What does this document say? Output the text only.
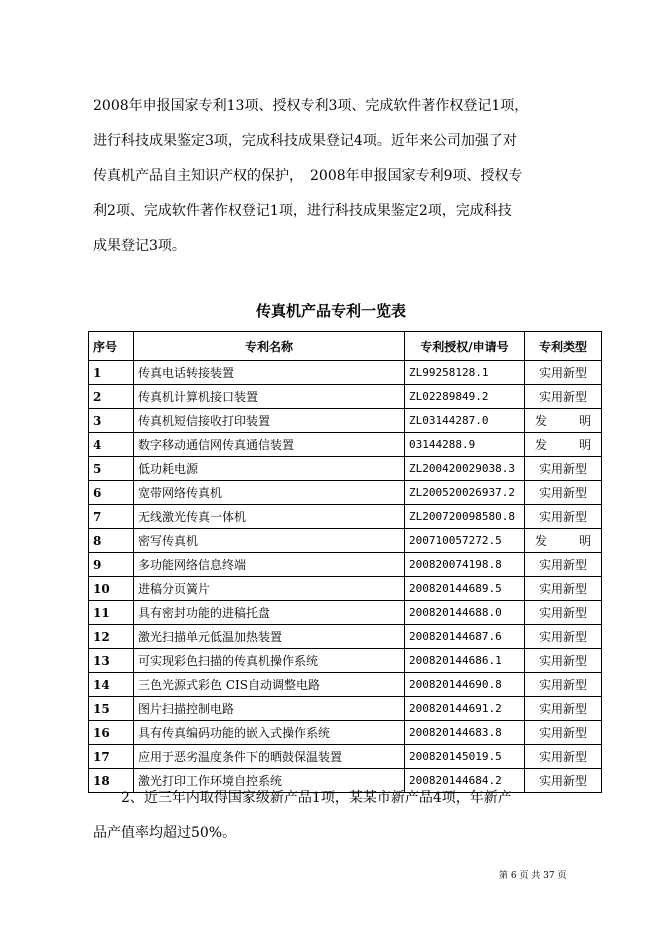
2008年申报国家专利13项、授权专利3项、完成软件著作权登记1项，
进行科技成果鉴定3项，完成科技成果登记4项。近年来公司加强了对
传真机产品自主知识产权的保护，　2008年申报国家专利9项、授权专
利2项、完成软件著作权登记1项，进行科技成果鉴定2项，完成科技
成果登记3项。

传真机产品专利一览表
序号	专利名称	专利授权/申请号	专利类型
1	传真电话转接装置	ZL99258128.1	实用新型
2	传真机计算机接口装置	ZL02289849.2	实用新型
3	传真机短信接收打印装置	ZL03144287.0	发明
4	数字移动通信网传真通信装置	03144288.9	发明
5	低功耗电源	ZL200420029038.3	实用新型
6	宽带网络传真机	ZL200520026937.2	实用新型
7	无线激光传真一体机	ZL200720098580.8	实用新型
8	密写传真机	200710057272.5	发明
9	多功能网络信息终端	200820074198.8	实用新型
10	进稿分页簧片	200820144689.5	实用新型
11	具有密封功能的进稿托盘	200820144688.0	实用新型
12	激光扫描单元低温加热装置	200820144687.6	实用新型
13	可实现彩色扫描的传真机操作系统	200820144686.1	实用新型
14	三色光源式彩色 CIS自动调整电路	200820144690.8	实用新型
15	图片扫描控制电路	200820144691.2	实用新型
16	具有传真编码功能的嵌入式操作系统	200820144683.8	实用新型
17	应用于恶劣温度条件下的晒鼓保温装置	200820145019.5	实用新型
18	激光打印工作环境自控系统	200820144684.2	实用新型

　　2、近三年内取得国家级新产品1项，某某市新产品4项，年新产
品产值率均超过50%。

第 6 页 共 37 页
